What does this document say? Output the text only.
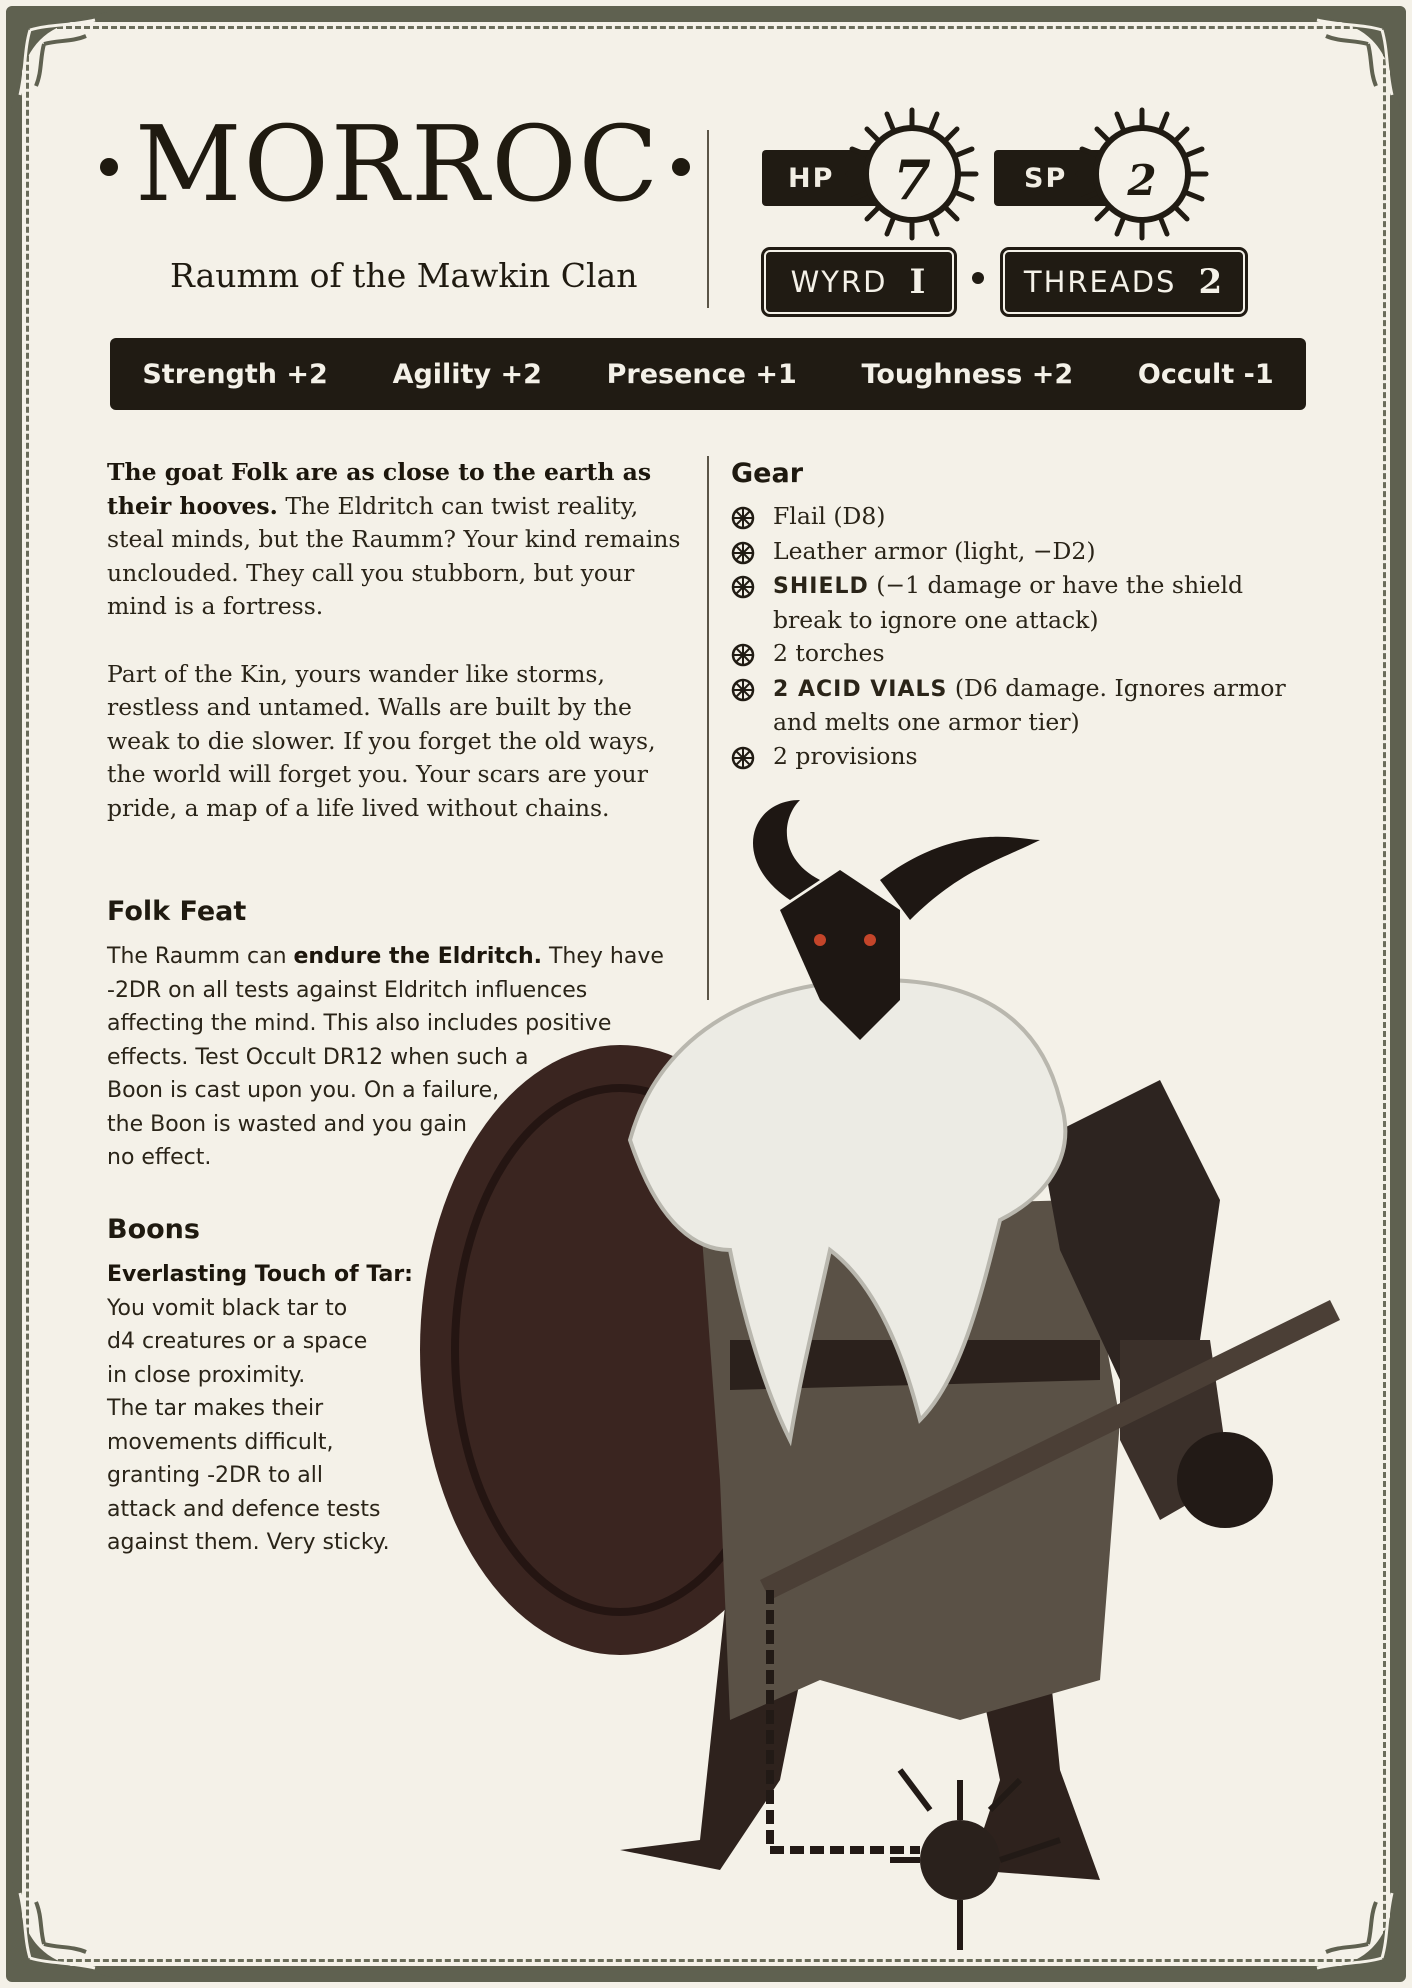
MORROC
Raumm of the Mawkin Clan
HP	7	SP	2
WYRD I	THREADS 2
Strength +2 Agility +2 Presence +1 Toughness +2 Occult -1

The goat Folk are as close to the earth as their hooves. The Eldritch can twist reality, steal minds, but the Raumm? Your kind remains unclouded. They call you stubborn, but your mind is a fortress.

Part of the Kin, yours wander like storms, restless and untamed. Walls are built by the weak to die slower. If you forget the old ways, the world will forget you. Your scars are your pride, a map of a life lived without chains.

Gear
Flail (D8)
Leather armor (light, −D2)
SHIELD (−1 damage or have the shield break to ignore one attack)
2 torches
2 ACID VIALS (D6 damage. Ignores armor and melts one armor tier)
2 provisions
Folk Feat
The Raumm can endure the Eldritch. They have
-2DR on all tests against Eldritch influences
affecting the mind. This also includes positive
effects. Test Occult DR12 when such a
Boon is cast upon you. On a failure,
the Boon is wasted and you gain
no effect.
Boons
Everlasting Touch of Tar:
You vomit black tar to
d4 creatures or a space
in close proximity.
The tar makes their
movements difficult,
granting -2DR to all
attack and defence tests
against them. Very sticky.
